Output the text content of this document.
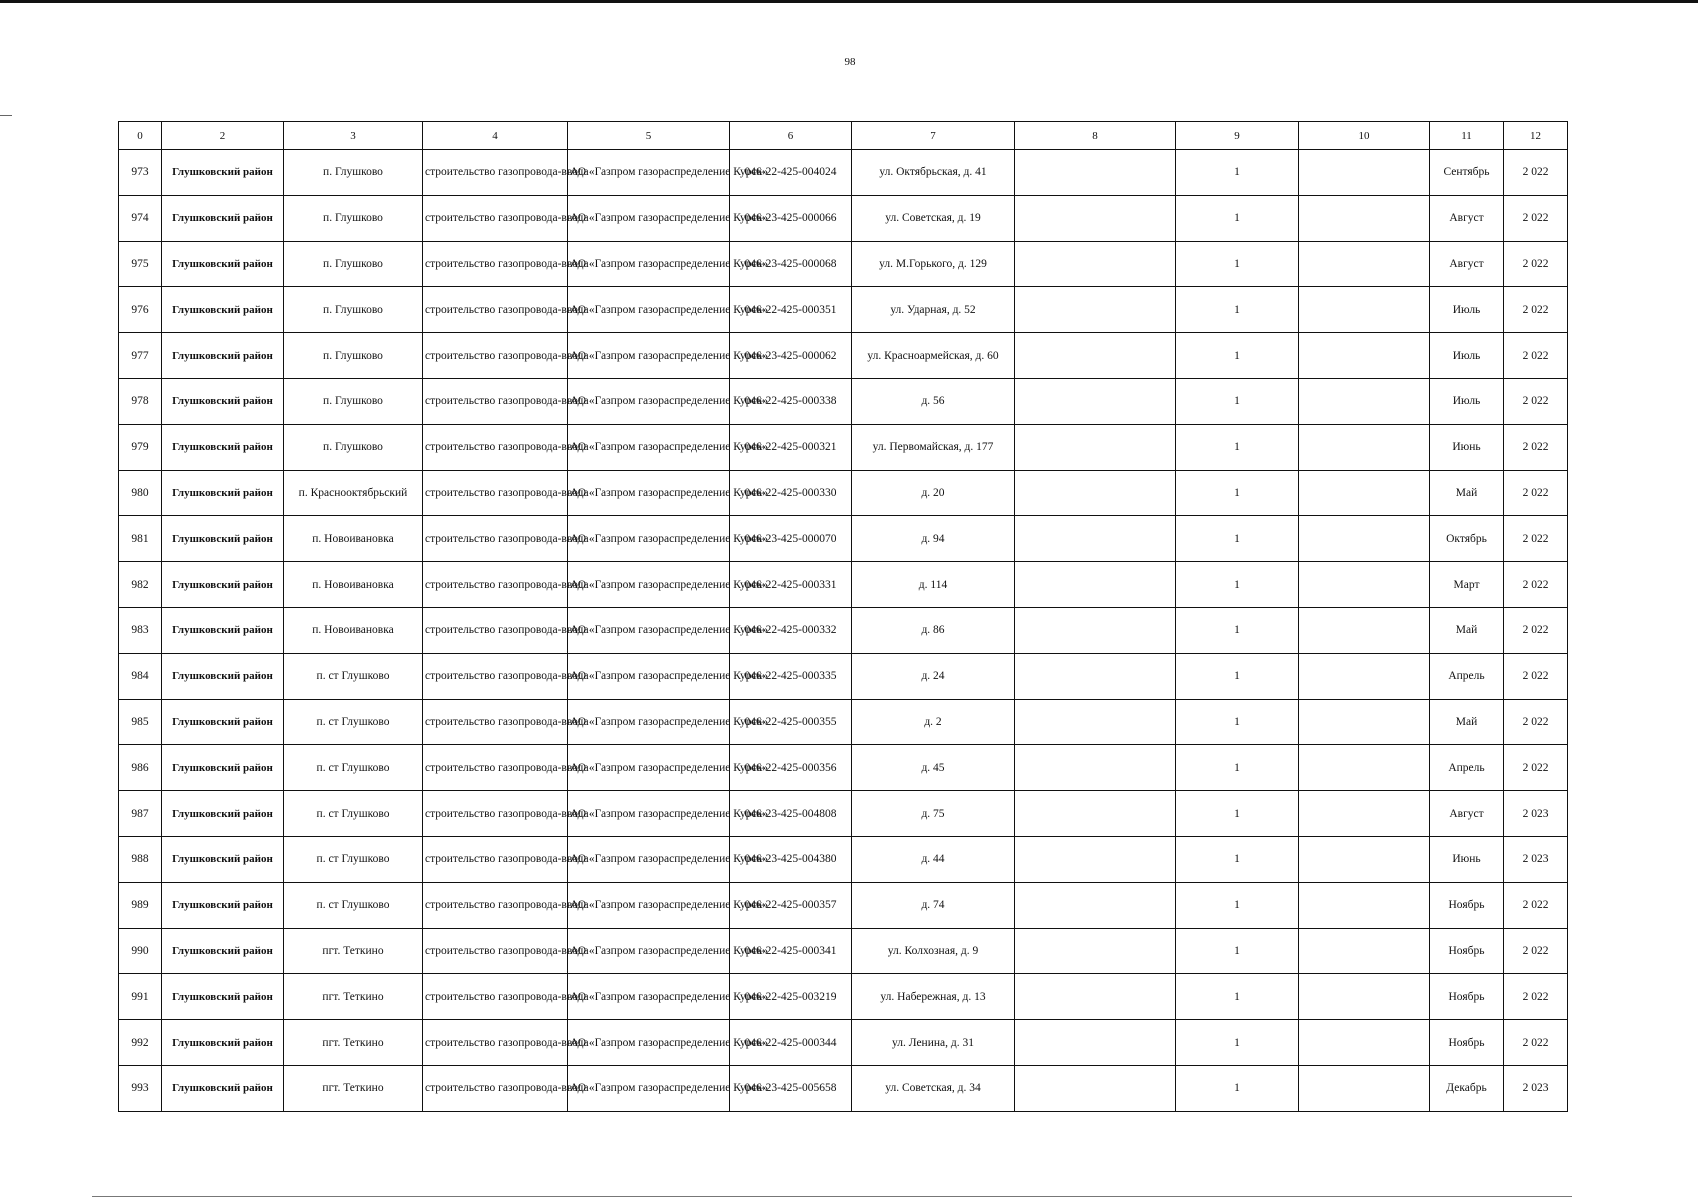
98
0	2	3	4	5	6	7	8	9	10	11	12
973	Глушковский район	п. Глушково	строительство газопровода-ввода	АО «Газпром газораспределение Курск»	046-22-425-004024	ул. Октябрьская, д. 41		1		Сентябрь	2 022
974	Глушковский район	п. Глушково	строительство газопровода-ввода	АО «Газпром газораспределение Курск»	046-23-425-000066	ул. Советская, д. 19		1		Август	2 022
975	Глушковский район	п. Глушково	строительство газопровода-ввода	АО «Газпром газораспределение Курск»	046-23-425-000068	ул. М.Горького, д. 129		1		Август	2 022
976	Глушковский район	п. Глушково	строительство газопровода-ввода	АО «Газпром газораспределение Курск»	046-22-425-000351	ул. Ударная, д. 52		1		Июль	2 022
977	Глушковский район	п. Глушково	строительство газопровода-ввода	АО «Газпром газораспределение Курск»	046-23-425-000062	ул. Красноармейская, д. 60		1		Июль	2 022
978	Глушковский район	п. Глушково	строительство газопровода-ввода	АО «Газпром газораспределение Курск»	046-22-425-000338	д. 56		1		Июль	2 022
979	Глушковский район	п. Глушково	строительство газопровода-ввода	АО «Газпром газораспределение Курск»	046-22-425-000321	ул. Первомайская, д. 177		1		Июнь	2 022
980	Глушковский район	п. Краснооктябрьский	строительство газопровода-ввода	АО «Газпром газораспределение Курск»	046-22-425-000330	д. 20		1		Май	2 022
981	Глушковский район	п. Новоивановка	строительство газопровода-ввода	АО «Газпром газораспределение Курск»	046-23-425-000070	д. 94		1		Октябрь	2 022
982	Глушковский район	п. Новоивановка	строительство газопровода-ввода	АО «Газпром газораспределение Курск»	046-22-425-000331	д. 114		1		Март	2 022
983	Глушковский район	п. Новоивановка	строительство газопровода-ввода	АО «Газпром газораспределение Курск»	046-22-425-000332	д. 86		1		Май	2 022
984	Глушковский район	п. ст Глушково	строительство газопровода-ввода	АО «Газпром газораспределение Курск»	046-22-425-000335	д. 24		1		Апрель	2 022
985	Глушковский район	п. ст Глушково	строительство газопровода-ввода	АО «Газпром газораспределение Курск»	046-22-425-000355	д. 2		1		Май	2 022
986	Глушковский район	п. ст Глушково	строительство газопровода-ввода	АО «Газпром газораспределение Курск»	046-22-425-000356	д. 45		1		Апрель	2 022
987	Глушковский район	п. ст Глушково	строительство газопровода-ввода	АО «Газпром газораспределение Курск»	046-23-425-004808	д. 75		1		Август	2 023
988	Глушковский район	п. ст Глушково	строительство газопровода-ввода	АО «Газпром газораспределение Курск»	046-23-425-004380	д. 44		1		Июнь	2 023
989	Глушковский район	п. ст Глушково	строительство газопровода-ввода	АО «Газпром газораспределение Курск»	046-22-425-000357	д. 74		1		Ноябрь	2 022
990	Глушковский район	пгт. Теткино	строительство газопровода-ввода	АО «Газпром газораспределение Курск»	046-22-425-000341	ул. Колхозная, д. 9		1		Ноябрь	2 022
991	Глушковский район	пгт. Теткино	строительство газопровода-ввода	АО «Газпром газораспределение Курск»	046-22-425-003219	ул. Набережная, д. 13		1		Ноябрь	2 022
992	Глушковский район	пгт. Теткино	строительство газопровода-ввода	АО «Газпром газораспределение Курск»	046-22-425-000344	ул. Ленина, д. 31		1		Ноябрь	2 022
993	Глушковский район	пгт. Теткино	строительство газопровода-ввода	АО «Газпром газораспределение Курск»	046-23-425-005658	ул. Советская, д. 34		1		Декабрь	2 023
